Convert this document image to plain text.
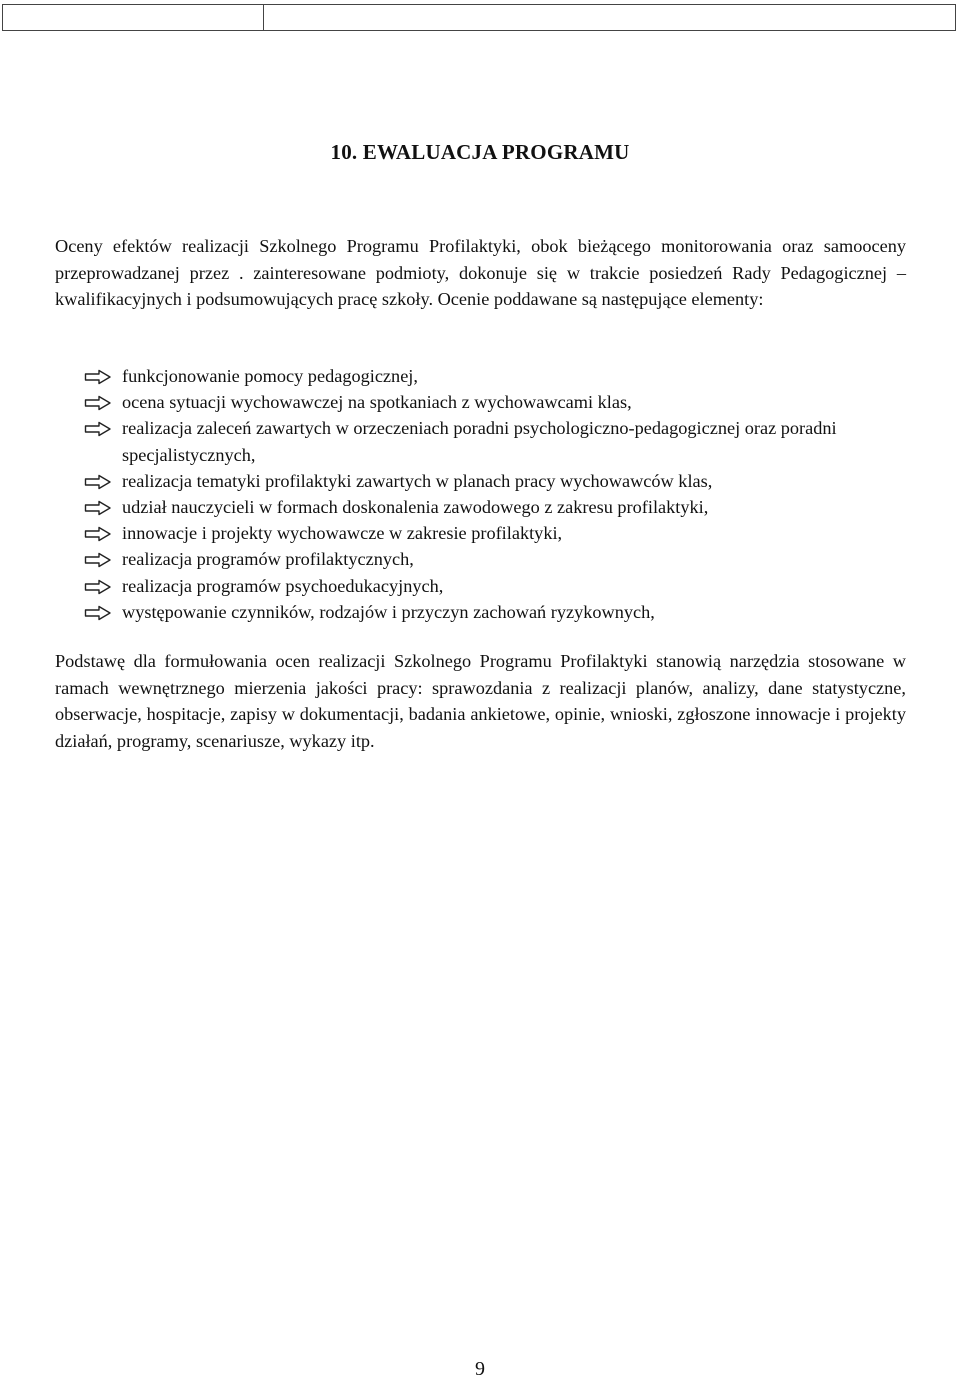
10. EWALUACJA PROGRAMU

Oceny efektów realizacji Szkolnego Programu Profilaktyki, obok bieżącego monitorowania oraz samooceny przeprowadzanej przez . zainteresowane podmioty, dokonuje się w trakcie posiedzeń Rady Pedagogicznej – kwalifikacyjnych i podsumowujących pracę szkoły. Ocenie poddawane są następujące elementy:

funkcjonowanie pomocy pedagogicznej,
ocena sytuacji wychowawczej na spotkaniach z wychowawcami klas,
realizacja zaleceń zawartych w orzeczeniach poradni psychologiczno-pedagogicznej oraz poradni specjalistycznych,
realizacja tematyki profilaktyki zawartych w planach pracy wychowawców klas,
udział nauczycieli w formach doskonalenia zawodowego z zakresu profilaktyki,
innowacje i projekty wychowawcze w zakresie profilaktyki,
realizacja programów profilaktycznych,
realizacja programów psychoedukacyjnych,
występowanie czynników, rodzajów i przyczyn zachowań ryzykownych,

Podstawę dla formułowania ocen realizacji Szkolnego Programu Profilaktyki stanowią narzędzia stosowane w ramach wewnętrznego mierzenia jakości pracy: sprawozdania z realizacji planów, analizy, dane statystyczne, obserwacje, hospitacje, zapisy w dokumentacji, badania ankietowe, opinie, wnioski, zgłoszone innowacje i projekty działań, programy, scenariusze, wykazy itp.

9
